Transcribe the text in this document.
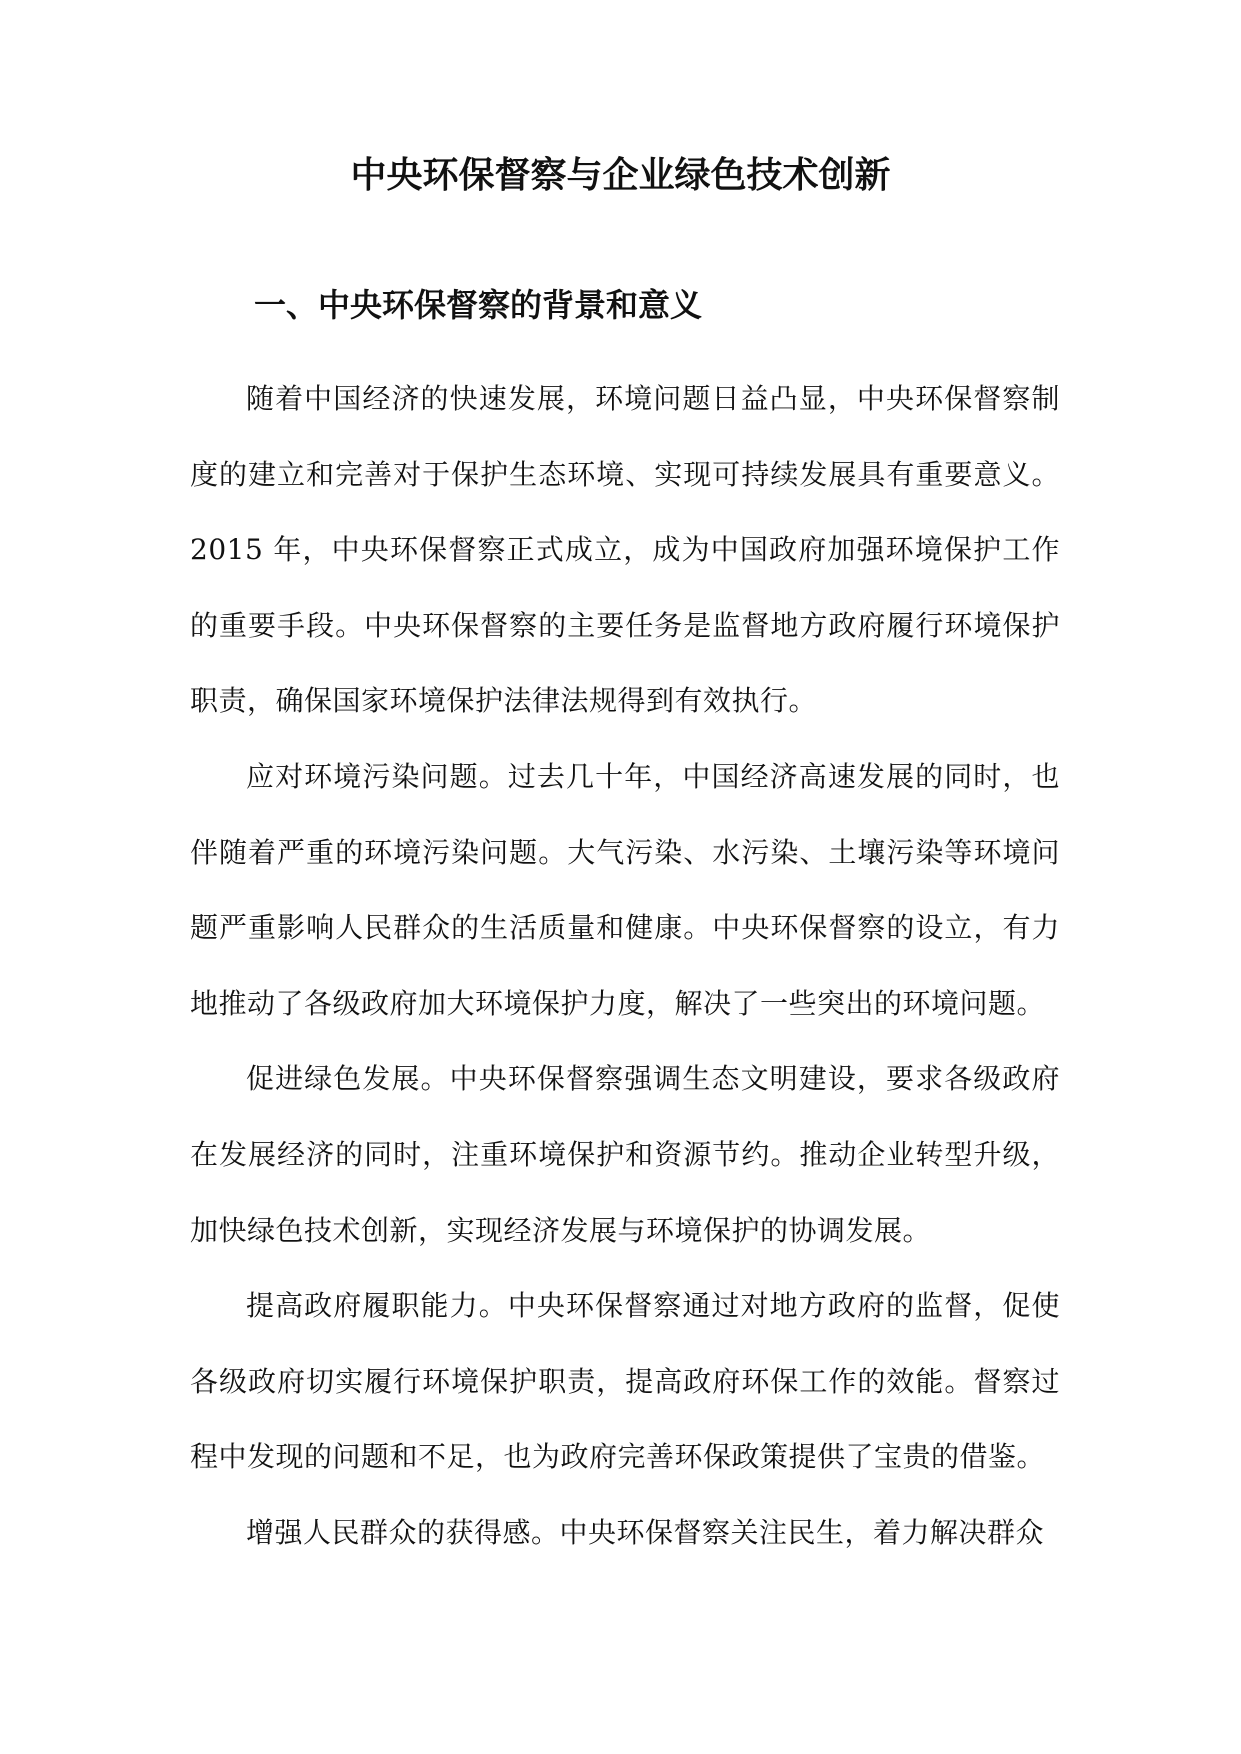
中央环保督察与企业绿色技术创新
一、中央环保督察的背景和意义

随着中国经济的快速发展，环境问题日益凸显，中央环保督察制度的建立和完善对于保护生态环境、实现可持续发展具有重要意义。2015 年，中央环保督察正式成立，成为中国政府加强环境保护工作的重要手段。中央环保督察的主要任务是监督地方政府履行环境保护职责，确保国家环境保护法律法规得到有效执行。

应对环境污染问题。过去几十年，中国经济高速发展的同时，也伴随着严重的环境污染问题。大气污染、水污染、土壤污染等环境问题严重影响人民群众的生活质量和健康。中央环保督察的设立，有力地推动了各级政府加大环境保护力度，解决了一些突出的环境问题。

促进绿色发展。中央环保督察强调生态文明建设，要求各级政府在发展经济的同时，注重环境保护和资源节约。推动企业转型升级，加快绿色技术创新，实现经济发展与环境保护的协调发展。

提高政府履职能力。中央环保督察通过对地方政府的监督，促使各级政府切实履行环境保护职责，提高政府环保工作的效能。督察过程中发现的问题和不足，也为政府完善环保政策提供了宝贵的借鉴。

增强人民群众的获得感。中央环保督察关注民生，着力解决群众
